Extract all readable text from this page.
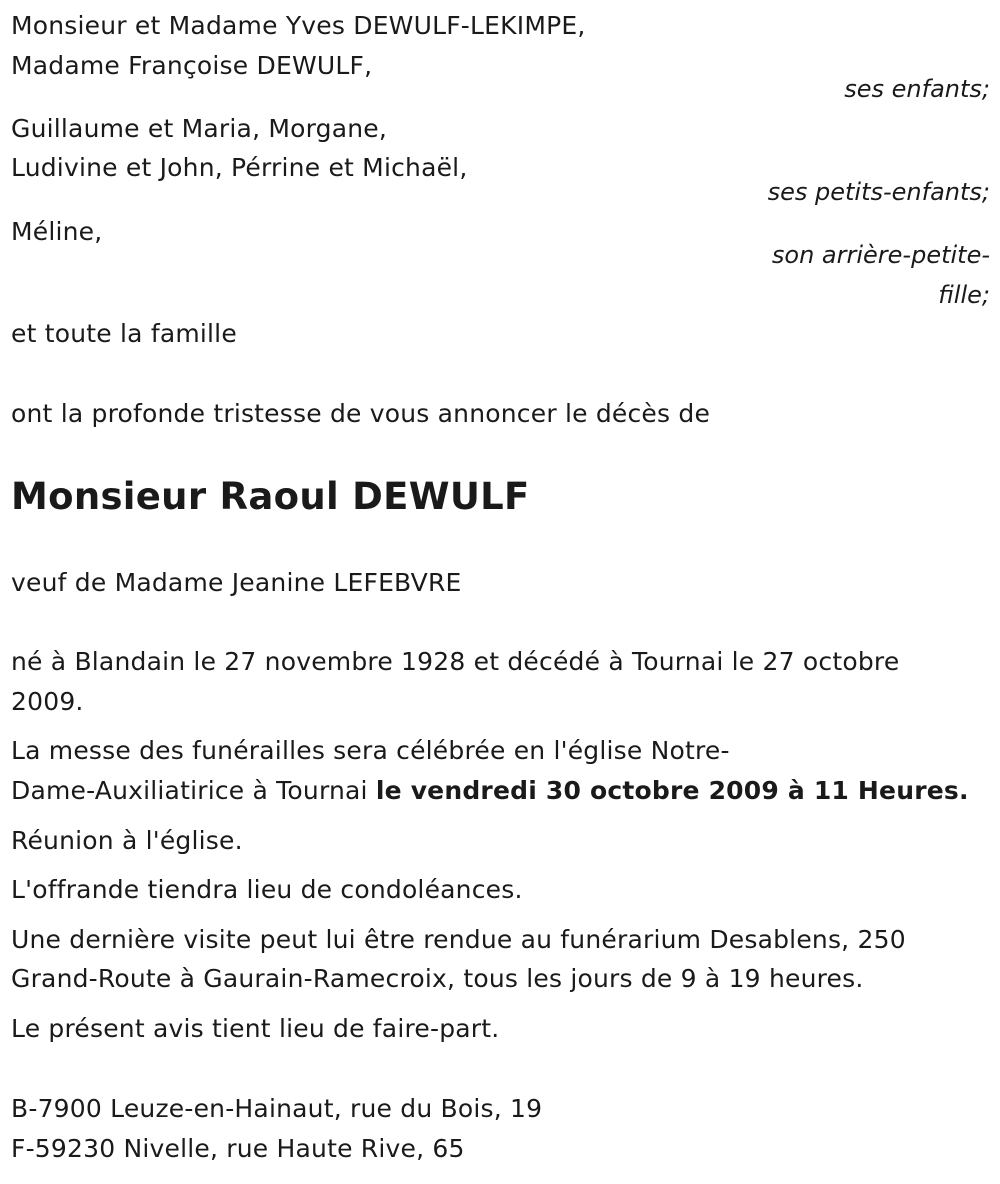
Monsieur et Madame Yves DEWULF-LEKIMPE,
Madame Françoise DEWULF,
ses enfants;
Guillaume et Maria, Morgane,
Ludivine et John, Pérrine et Michaël,
ses petits-enfants;
Méline,
son arrière-petite-
fille;
et toute la famille
ont la profonde tristesse de vous annoncer le décès de
Monsieur Raoul DEWULF
veuf de Madame Jeanine LEFEBVRE
né à Blandain le 27 novembre 1928 et décédé à Tournai le 27 octobre
2009.
La messe des funérailles sera célébrée en l'église Notre-
Dame-Auxiliatirice à Tournai le vendredi 30 octobre 2009 à 11 Heures.
Réunion à l'église.
L'offrande tiendra lieu de condoléances.
Une dernière visite peut lui être rendue au funérarium Desablens, 250
Grand-Route à Gaurain-Ramecroix, tous les jours de 9 à 19 heures.
Le présent avis tient lieu de faire-part.
B-7900 Leuze-en-Hainaut, rue du Bois, 19
F-59230 Nivelle, rue Haute Rive, 65
